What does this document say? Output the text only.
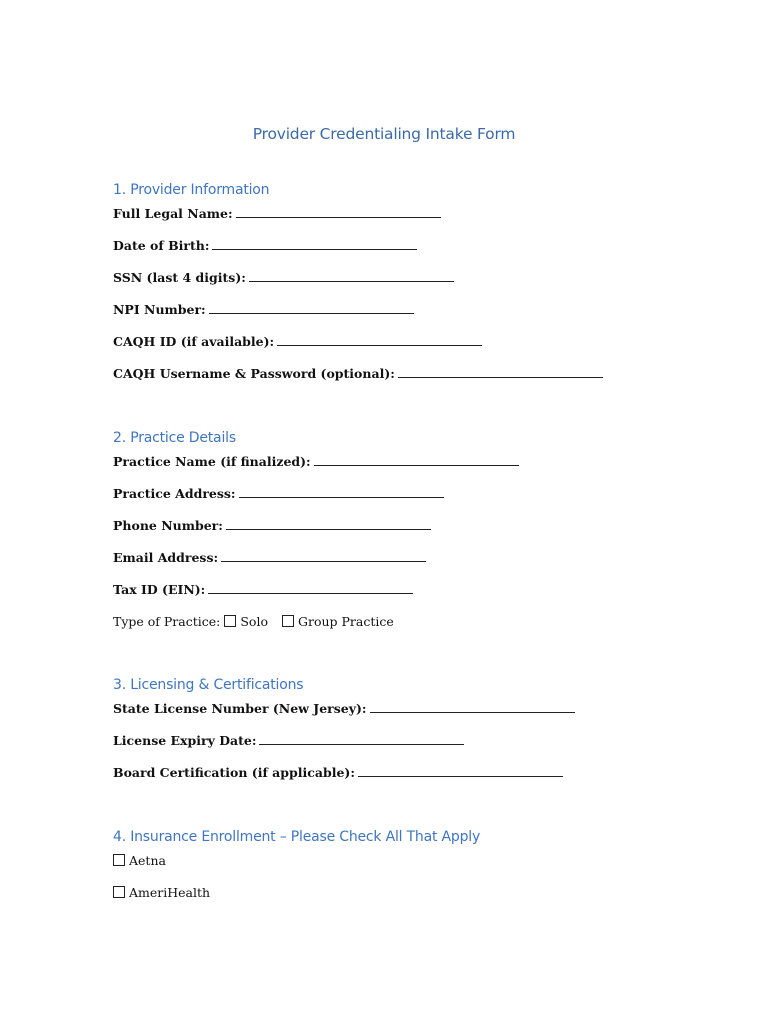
Provider Credentialing Intake Form
1. Provider Information
Full Legal Name:
Date of Birth:
SSN (last 4 digits):
NPI Number:
CAQH ID (if available):
CAQH Username & Password (optional):
2. Practice Details
Practice Name (if finalized):
Practice Address:
Phone Number:
Email Address:
Tax ID (EIN):
Type of Practice: Solo Group Practice
3. Licensing & Certifications
State License Number (New Jersey):
License Expiry Date:
Board Certification (if applicable):
4. Insurance Enrollment – Please Check All That Apply
Aetna
AmeriHealth
